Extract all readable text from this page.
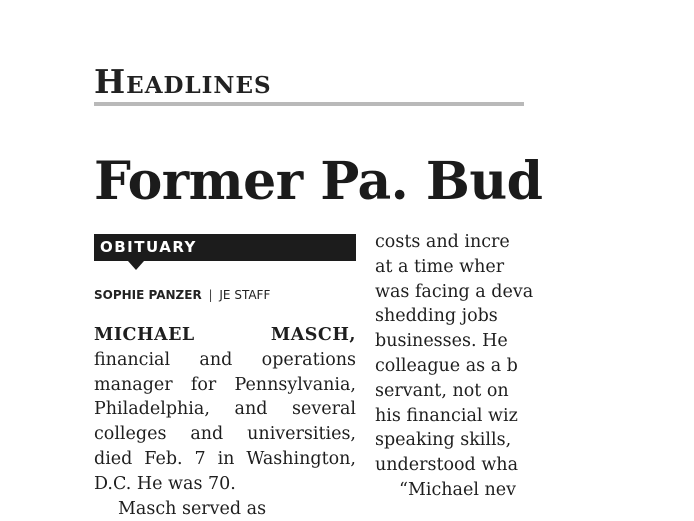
Headlines
Former Pa. Bud
OBITUARY
SOPHIE PANZER | JE STAFF
MICHAEL MASCH, financial and operations manager for Pennsylvania, Philadelphia, and several colleges and universities, died Feb. 7 in Washington, D.C. He was 70.
Masch served as
costs and incre
at a time wher
was facing a deva
shedding jobs
businesses. He
colleague as a b
servant, not on
his financial wiz
speaking skills,
understood wha
“Michael nev
